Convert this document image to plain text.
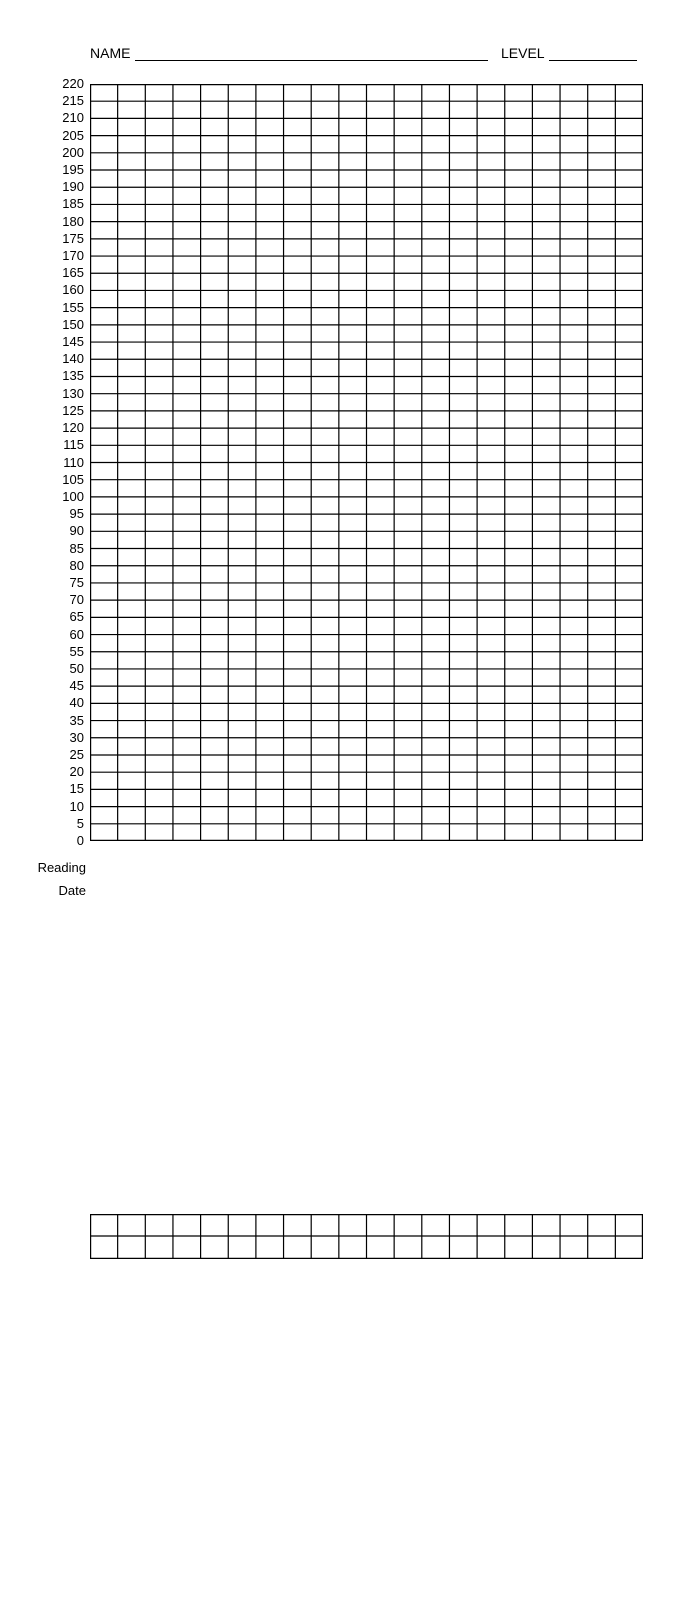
NAME	LEVEL
220
215
210
205
200
195
190
185
180
175
170
165
160
155
150
145
140
135
130
125
120
115
110
105
100
95
90
85
80
75
70
65
60
55
50
45
40
35
30
25
20
15
10
5
0
Reading
Date
